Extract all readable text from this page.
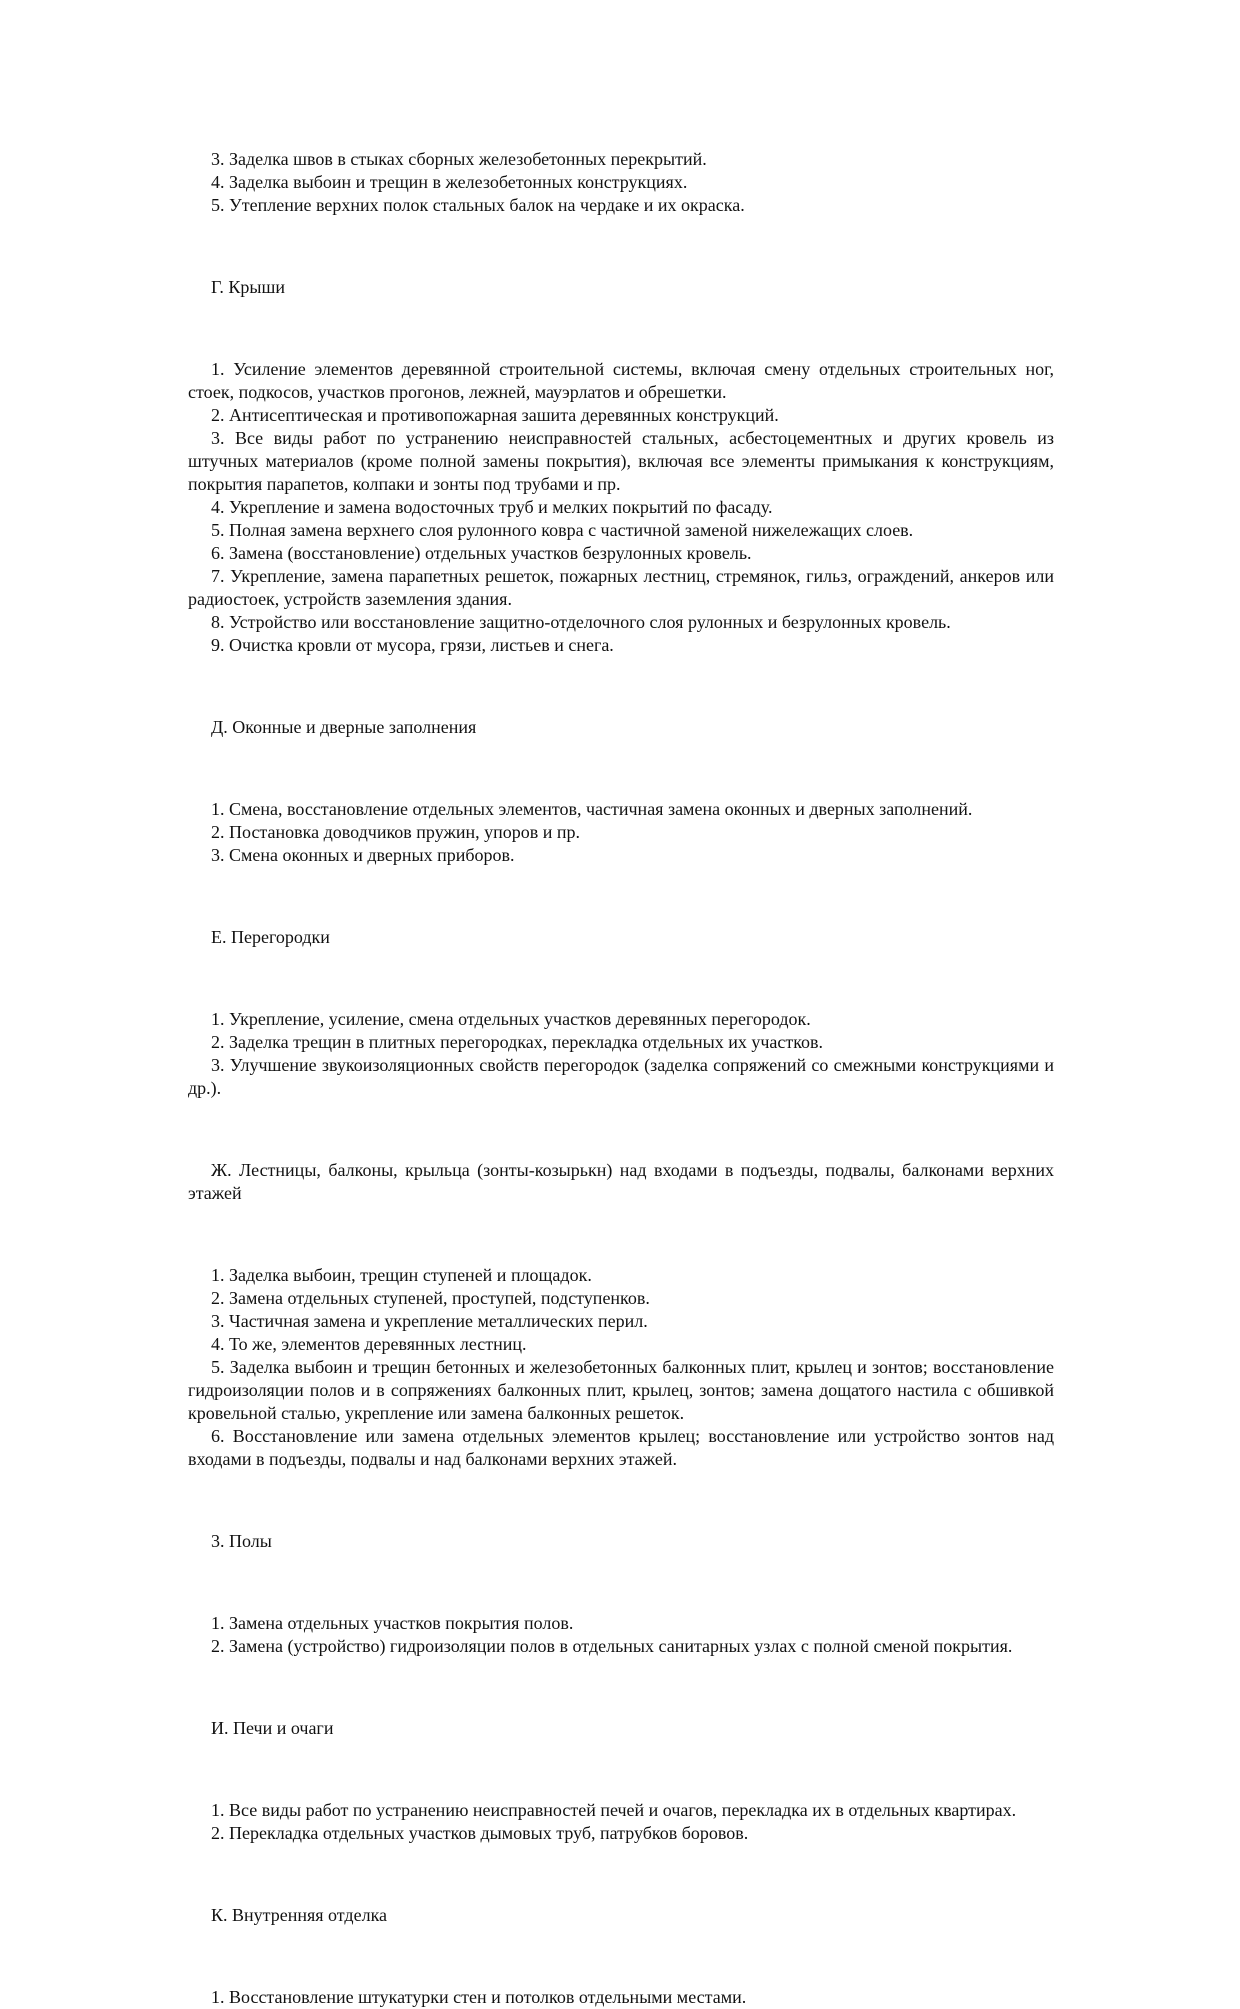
3. Заделка швов в стыках сборных железобетонных перекрытий.

4. Заделка выбоин и трещин в железобетонных конструкциях.

5. Утепление верхних полок стальных балок на чердаке и их окраска.

Г. Крыши

1. Усиление элементов деревянной строительной системы, включая смену отдельных строительных ног, стоек, подкосов, участков прогонов, лежней, мауэрлатов и обрешетки.

2. Антисептическая и противопожарная зашита деревянных конструкций.

3. Все виды работ по устранению неисправностей стальных, асбестоцементных и других кровель из штучных материалов (кроме полной замены покрытия), включая все элементы примыкания к конструкциям, покрытия парапетов, колпаки и зонты под трубами и пр.

4. Укрепление и замена водосточных труб и мелких покрытий по фасаду.

5. Полная замена верхнего слоя рулонного ковра с частичной заменой нижележащих слоев.

6. Замена (восстановление) отдельных участков безрулонных кровель.

7. Укрепление, замена парапетных решеток, пожарных лестниц, стремянок, гильз, ограждений, анкеров или радиостоек, устройств заземления здания.

8. Устройство или восстановление защитно-отделочного слоя рулонных и безрулонных кровель.

9. Очистка кровли от мусора, грязи, листьев и снега.

Д. Оконные и дверные заполнения

1. Смена, восстановление отдельных элементов, частичная замена оконных и дверных заполнений.

2. Постановка доводчиков пружин, упоров и пр.

3. Смена оконных и дверных приборов.

Е. Перегородки

1. Укрепление, усиление, смена отдельных участков деревянных перегородок.

2. Заделка трещин в плитных перегородках, перекладка отдельных их участков.

3. Улучшение звукоизоляционных свойств перегородок (заделка сопряжений со смежными конструкциями и др.).

Ж. Лестницы, балконы, крыльца (зонты-козырькн) над входами в подъезды, подвалы, балконами верхних этажей

1. Заделка выбоин, трещин ступеней и площадок.

2. Замена отдельных ступеней, проступей, подступенков.

3. Частичная замена и укрепление металлических перил.

4. То же, элементов деревянных лестниц.

5. Заделка выбоин и трещин бетонных и железобетонных балконных плит, крылец и зонтов; восстановление гидроизоляции полов и в сопряжениях балконных плит, крылец, зонтов; замена дощатого настила с обшивкой кровельной сталью, укрепление или замена балконных решеток.

6. Восстановление или замена отдельных элементов крылец; восстановление или устройство зонтов над входами в подъезды, подвалы и над балконами верхних этажей.

3. Полы

1. Замена отдельных участков покрытия полов.

2. Замена (устройство) гидроизоляции полов в отдельных санитарных узлах с полной сменой покрытия.

И. Печи и очаги

1. Все виды работ по устранению неисправностей печей и очагов, перекладка их в отдельных квартирах.

2. Перекладка отдельных участков дымовых труб, патрубков боровов.

К. Внутренняя отделка

1. Восстановление штукатурки стен и потолков отдельными местами.
